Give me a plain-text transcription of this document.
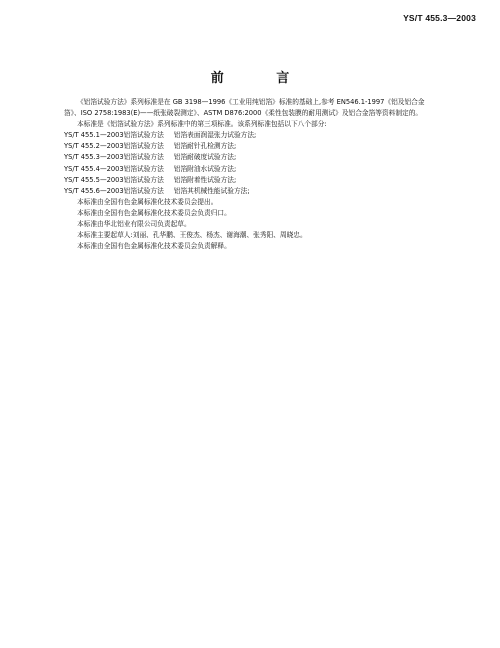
YS/T 455.3—2003
前 言

《铝箔试验方法》系列标准是在 GB 3198—1996《工业用纯铝箔》标准的基础上,参考 EN546.1-1997《铝及铝合金箔》、ISO 2758:1983(E)——纸张破裂测定》、ASTM D876:2000《柔性包装膜的耐用测试》及铝合金箔等资料制定的。

本标准是《铝箔试验方法》系列标准中的第三项标准。该系列标准包括以下八个部分:

YS/T 455.1—2003铝箔试验方法 铝箔表面润湿张力试验方法;

YS/T 455.2—2003铝箔试验方法 铝箔耐针孔检测方法;

YS/T 455.3—2003铝箔试验方法 铝箔耐破度试验方法;

YS/T 455.4—2003铝箔试验方法 铝箔附油水试验方法;

YS/T 455.5—2003铝箔试验方法 铝箔附着性试验方法;

YS/T 455.6—2003铝箔试验方法 铝箔其机械性能试验方法;

本标准由全国有色金属标准化技术委员会提出。

本标准由全国有色金属标准化技术委员会负责归口。

本标准由华北铝业有限公司负责起草。

本标准主要起草人:刘丽、孔华鹏、王俊杰、杨杰、谢海潮、张秀阳、周晓忠。

本标准由全国有色金属标准化技术委员会负责解释。
